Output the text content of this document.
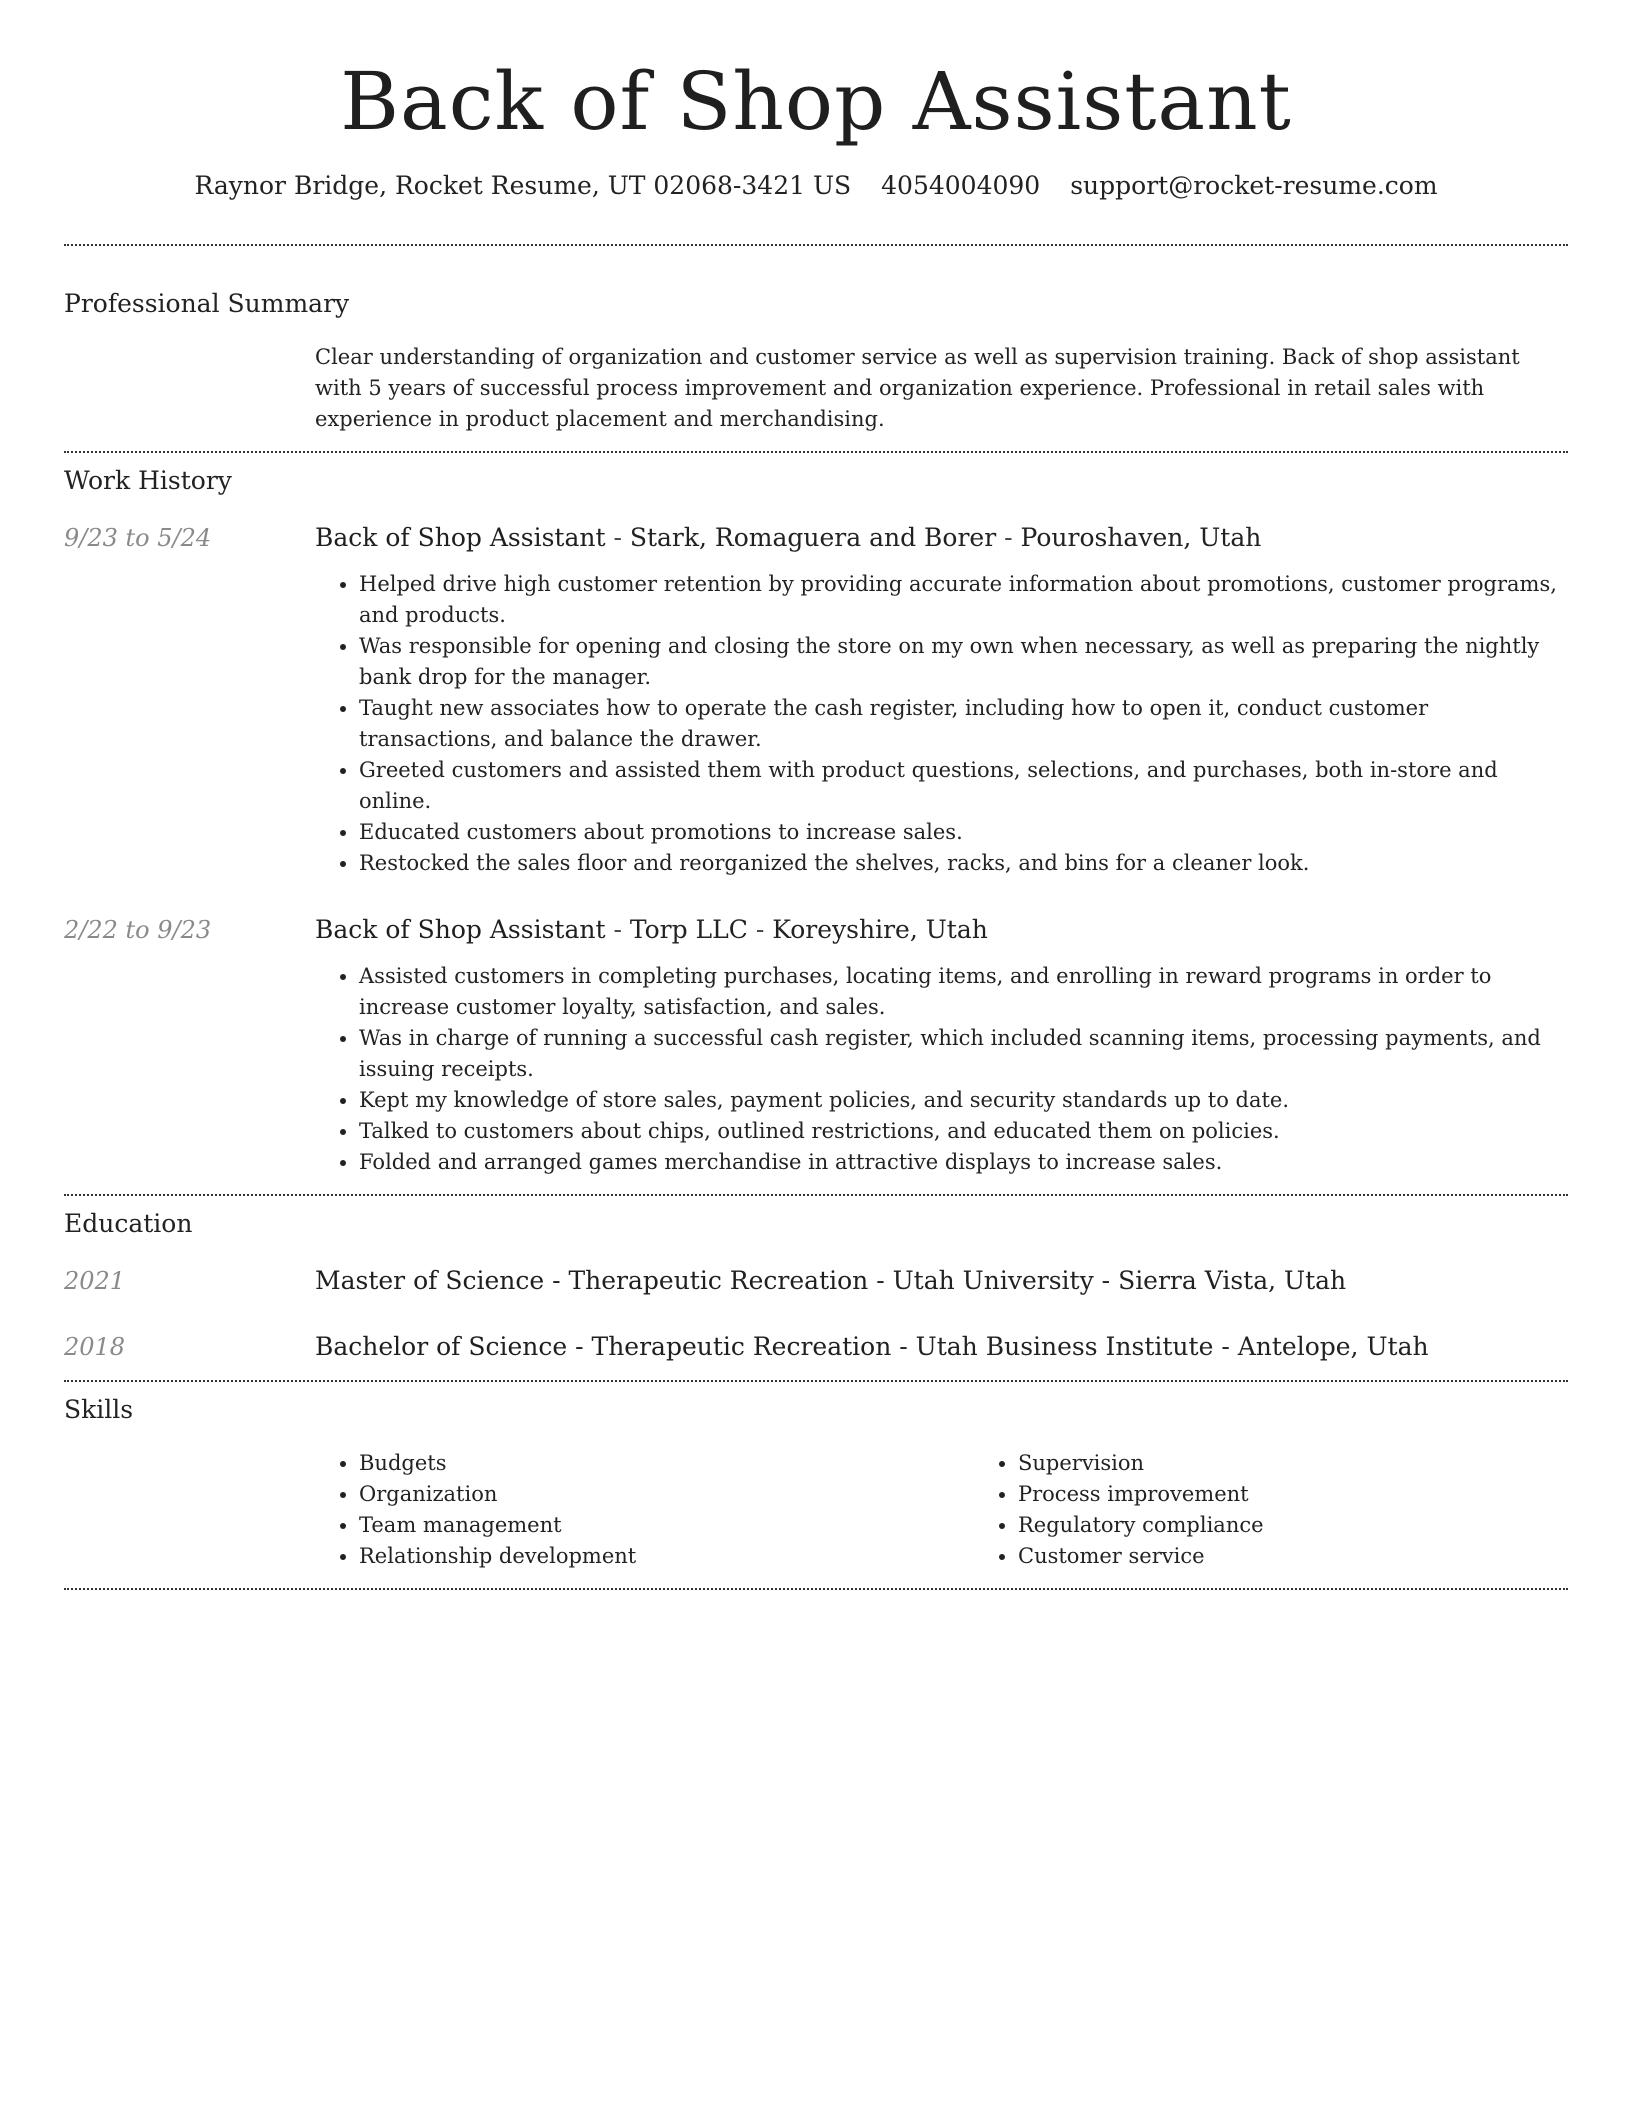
Back of Shop Assistant
Raynor Bridge, Rocket Resume, UT 02068-3421 US 4054004090 support@rocket-resume.com
Professional Summary

Clear understanding of organization and customer service as well as supervision training. Back of shop assistant with 5 years of successful process improvement and organization experience. Professional in retail sales with experience in product placement and merchandising.

Work History
9/23 to 5/24	Back of Shop Assistant - Stark, Romaguera and Borer - Pouroshaven, Utah
• Helped drive high customer retention by providing accurate information about promotions, customer programs, and products.
• Was responsible for opening and closing the store on my own when necessary, as well as preparing the nightly bank drop for the manager.
• Taught new associates how to operate the cash register, including how to open it, conduct customer transactions, and balance the drawer.
• Greeted customers and assisted them with product questions, selections, and purchases, both in-store and online.
• Educated customers about promotions to increase sales.
• Restocked the sales floor and reorganized the shelves, racks, and bins for a cleaner look.
2/22 to 9/23	Back of Shop Assistant - Torp LLC - Koreyshire, Utah
• Assisted customers in completing purchases, locating items, and enrolling in reward programs in order to increase customer loyalty, satisfaction, and sales.
• Was in charge of running a successful cash register, which included scanning items, processing payments, and issuing receipts.
• Kept my knowledge of store sales, payment policies, and security standards up to date.
• Talked to customers about chips, outlined restrictions, and educated them on policies.
• Folded and arranged games merchandise in attractive displays to increase sales.
Education
2021	Master of Science - Therapeutic Recreation - Utah University - Sierra Vista, Utah
2018	Bachelor of Science - Therapeutic Recreation - Utah Business Institute - Antelope, Utah
Skills
• Budgets
• Organization
• Team management
• Relationship development
• Supervision
• Process improvement
• Regulatory compliance
• Customer service
